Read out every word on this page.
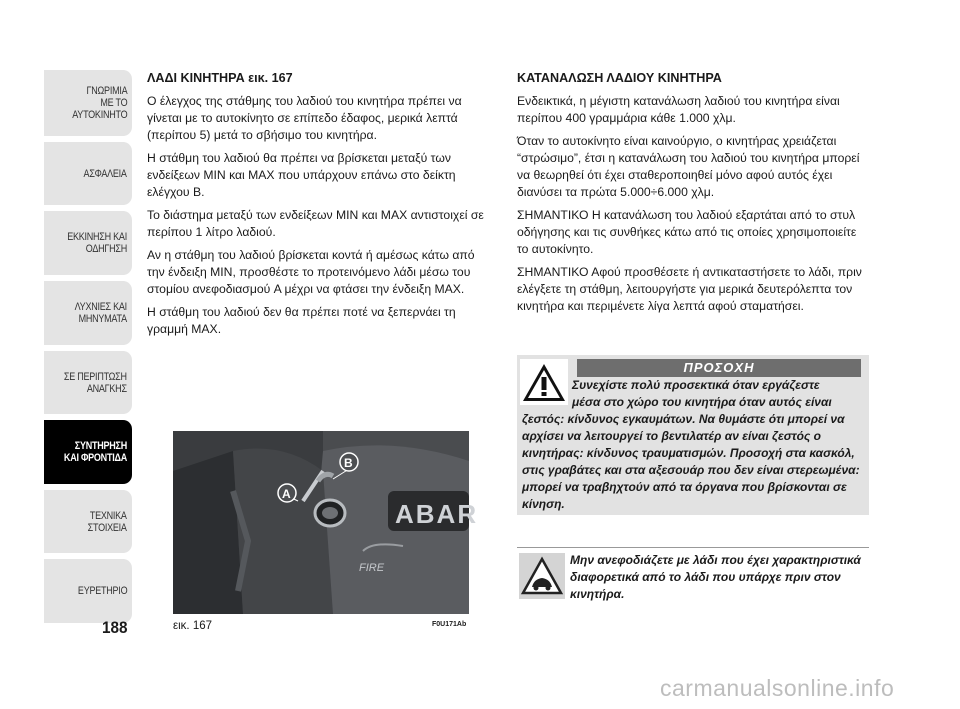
ΓΝΩΡΙΜΙΑ
ΜΕ ΤΟ
ΑΥΤΟΚΙΝΗΤΟ
ΑΣΦΑΛΕΙΑ
ΕΚΚΙΝΗΣΗ ΚΑΙ
ΟΔΗΓΗΣΗ
ΛΥΧΝΙΕΣ ΚΑΙ
ΜΗΝΥΜΑΤΑ
ΣΕ ΠΕΡΙΠΤΩΣΗ
ΑΝΑΓΚΗΣ
ΣΥΝΤΗΡΗΣΗ
ΚΑΙ ΦΡΟΝΤΙΔΑ
ΤΕΧΝΙΚΑ
ΣΤΟΙΧΕΙΑ
ΕΥΡΕΤΗΡΙΟ
188
ΛΑΔΙ ΚΙΝΗΤΗΡΑ εικ. 167

Ο έλεγχος της στάθμης του λαδιού του κινητήρα πρέπει να γίνεται με το αυτοκίνητο σε επίπεδο έδαφος, μερικά λεπτά (περίπου 5) μετά το σβήσιμο του κινητήρα.

Η στάθμη του λαδιού θα πρέπει να βρίσκεται μεταξύ των ενδείξεων MIN και MAX που υπάρχουν επάνω στο δείκτη ελέγχου B.

Το διάστημα μεταξύ των ενδείξεων MIN και MAX αντιστοιχεί σε περίπου 1 λίτρο λαδιού.

Αν η στάθμη του λαδιού βρίσκεται κοντά ή αμέσως κάτω από την ένδειξη MIN, προσθέστε το προτεινόμενο λάδι μέσω του στομίου ανεφοδιασμού A μέχρι να φτάσει την ένδειξη MAX.

Η στάθμη του λαδιού δεν θα πρέπει ποτέ να ξεπερνάει τη γραμμή MAX.

ABAR
FIRE
A
B
εικ. 167	F0U171Ab
ΚΑΤΑΝΑΛΩΣΗ ΛΑΔΙΟΥ ΚΙΝΗΤΗΡΑ

Ενδεικτικά, η μέγιστη κατανάλωση λαδιού του κινητήρα είναι περίπου 400 γραμμάρια κάθε 1.000 χλμ.

Όταν το αυτοκίνητο είναι καινούργιο, ο κινητήρας χρειάζεται “στρώσιμο”, έτσι η κατανάλωση του λαδιού του κινητήρα μπορεί να θεωρηθεί ότι έχει σταθεροποιηθεί μόνο αφού αυτός έχει διανύσει τα πρώτα 5.000÷6.000 χλμ.

ΣΗΜΑΝΤΙΚΟ Η κατανάλωση του λαδιού εξαρτάται από το στυλ οδήγησης και τις συνθήκες κάτω από τις οποίες χρησιμοποιείτε το αυτοκίνητο.

ΣΗΜΑΝΤΙΚΟ Αφού προσθέσετε ή αντικαταστήσετε το λάδι, πριν ελέγξετε τη στάθμη, λειτουργήστε για μερικά δευτερόλεπτα τον κινητήρα και περιμένετε λίγα λεπτά αφού σταματήσει.

ΠΡΟΣΟΧΗ
Συνεχίστε πολύ προσεκτικά όταν εργάζεστε
μέσα στο χώρο του κινητήρα όταν αυτός είναι
ζεστός: κίνδυνος εγκαυμάτων. Να θυμάστε ότι μπορεί να αρχίσει να λειτουργεί το βεντιλατέρ αν είναι ζεστός ο κινητήρας: κίνδυνος τραυματισμών. Προσοχή στα κασκόλ, στις γραβάτες και στα αξεσουάρ που δεν είναι στερεωμένα: μπορεί να τραβηχτούν από τα όργανα που βρίσκονται σε κίνηση.
Μην ανεφοδιάζετε με λάδι που έχει χαρακτηριστικά διαφορετικά από το λάδι που υπάρχε πριν στον κινητήρα.
carmanualsonline.info
